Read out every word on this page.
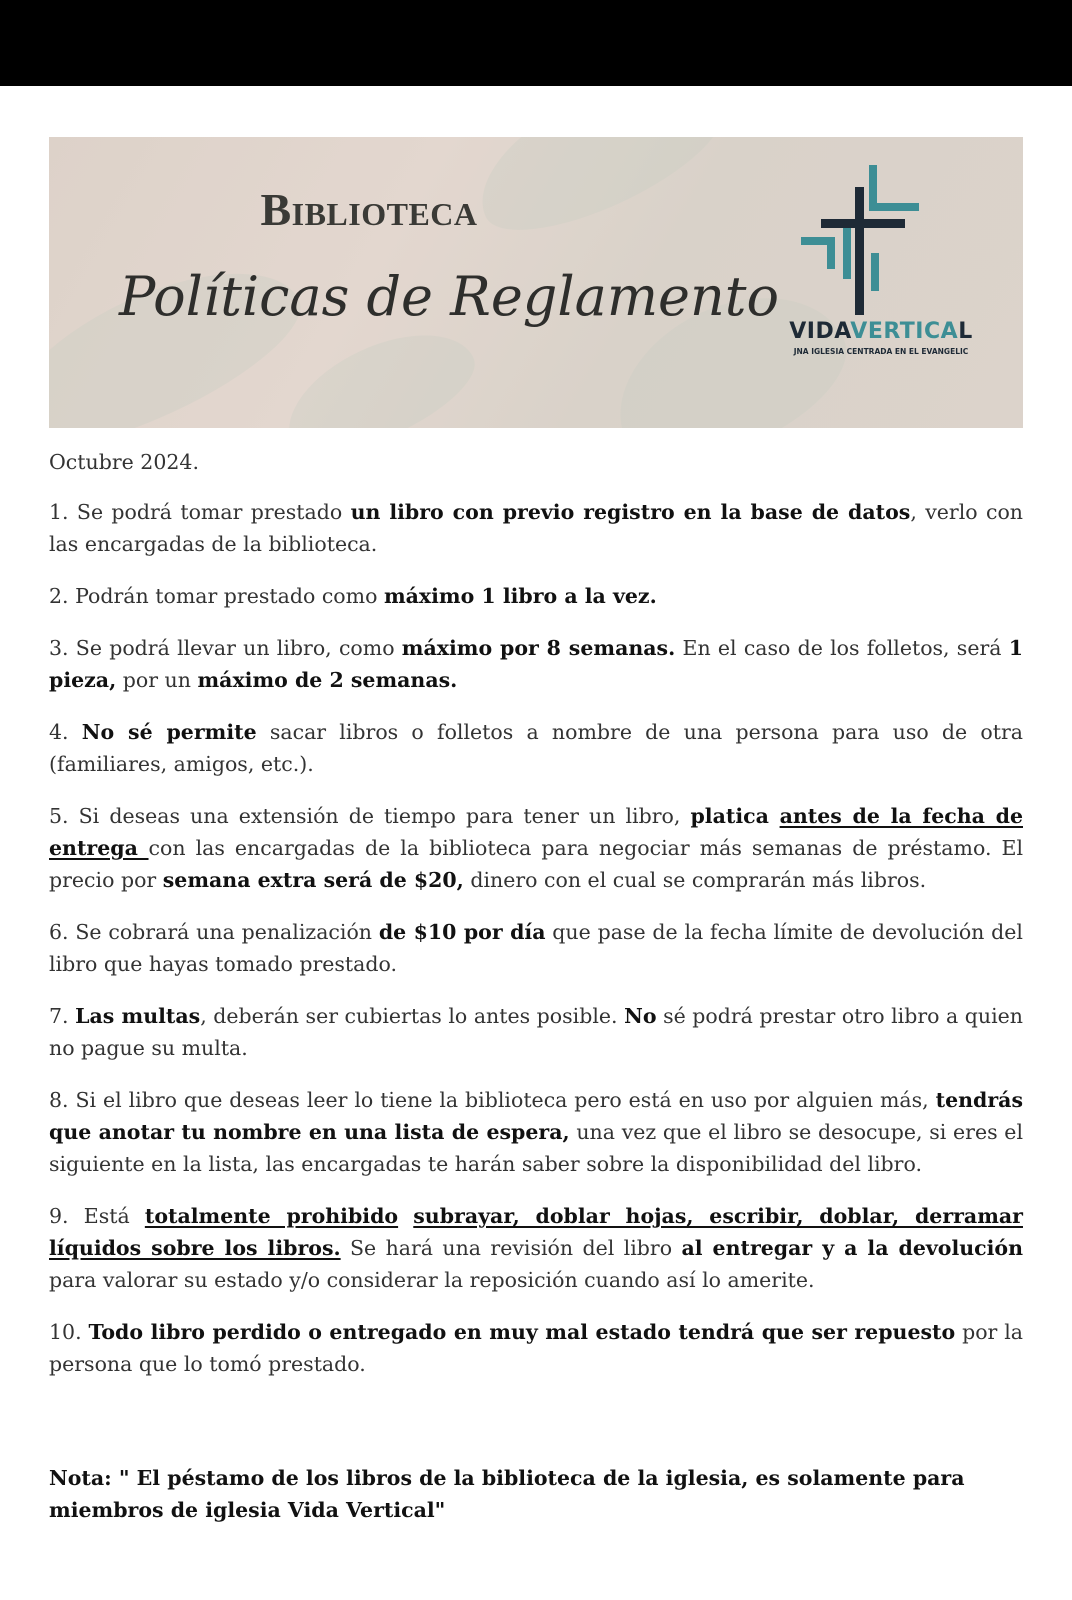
Biblioteca
Políticas de Reglamento
VIDAVERTICAL
JNA IGLESIA CENTRADA EN EL EVANGELIC

Octubre 2024.

1. Se podrá tomar prestado un libro con previo registro en la base de datos, verlo con las encargadas de la biblioteca.

2. Podrán tomar prestado como máximo 1 libro a la vez.

3. Se podrá llevar un libro, como máximo por 8 semanas. En el caso de los folletos, será 1 pieza, por un máximo de 2 semanas.

4. No sé permite sacar libros o folletos a nombre de una persona para uso de otra (familiares, amigos, etc.).

5. Si deseas una extensión de tiempo para tener un libro, platica antes de la fecha de entrega con las encargadas de la biblioteca para negociar más semanas de préstamo. El precio por semana extra será de $20, dinero con el cual se comprarán más libros.

6. Se cobrará una penalización de $10 por día que pase de la fecha límite de devolución del libro que hayas tomado prestado.

7. Las multas, deberán ser cubiertas lo antes posible. No sé podrá prestar otro libro a quien no pague su multa.

8. Si el libro que deseas leer lo tiene la biblioteca pero está en uso por alguien más, tendrás que anotar tu nombre en una lista de espera, una vez que el libro se desocupe, si eres el siguiente en la lista, las encargadas te harán saber sobre la disponibilidad del libro.

9. Está totalmente prohibido subrayar, doblar hojas, escribir, doblar, derramar líquidos sobre los libros. Se hará una revisión del libro al entregar y a la devolución para valorar su estado y/o considerar la reposición cuando así lo amerite.

10. Todo libro perdido o entregado en muy mal estado tendrá que ser repuesto por la persona que lo tomó prestado.

Nota: " El péstamo de los libros de la biblioteca de la iglesia, es solamente para miembros de iglesia Vida Vertical"
